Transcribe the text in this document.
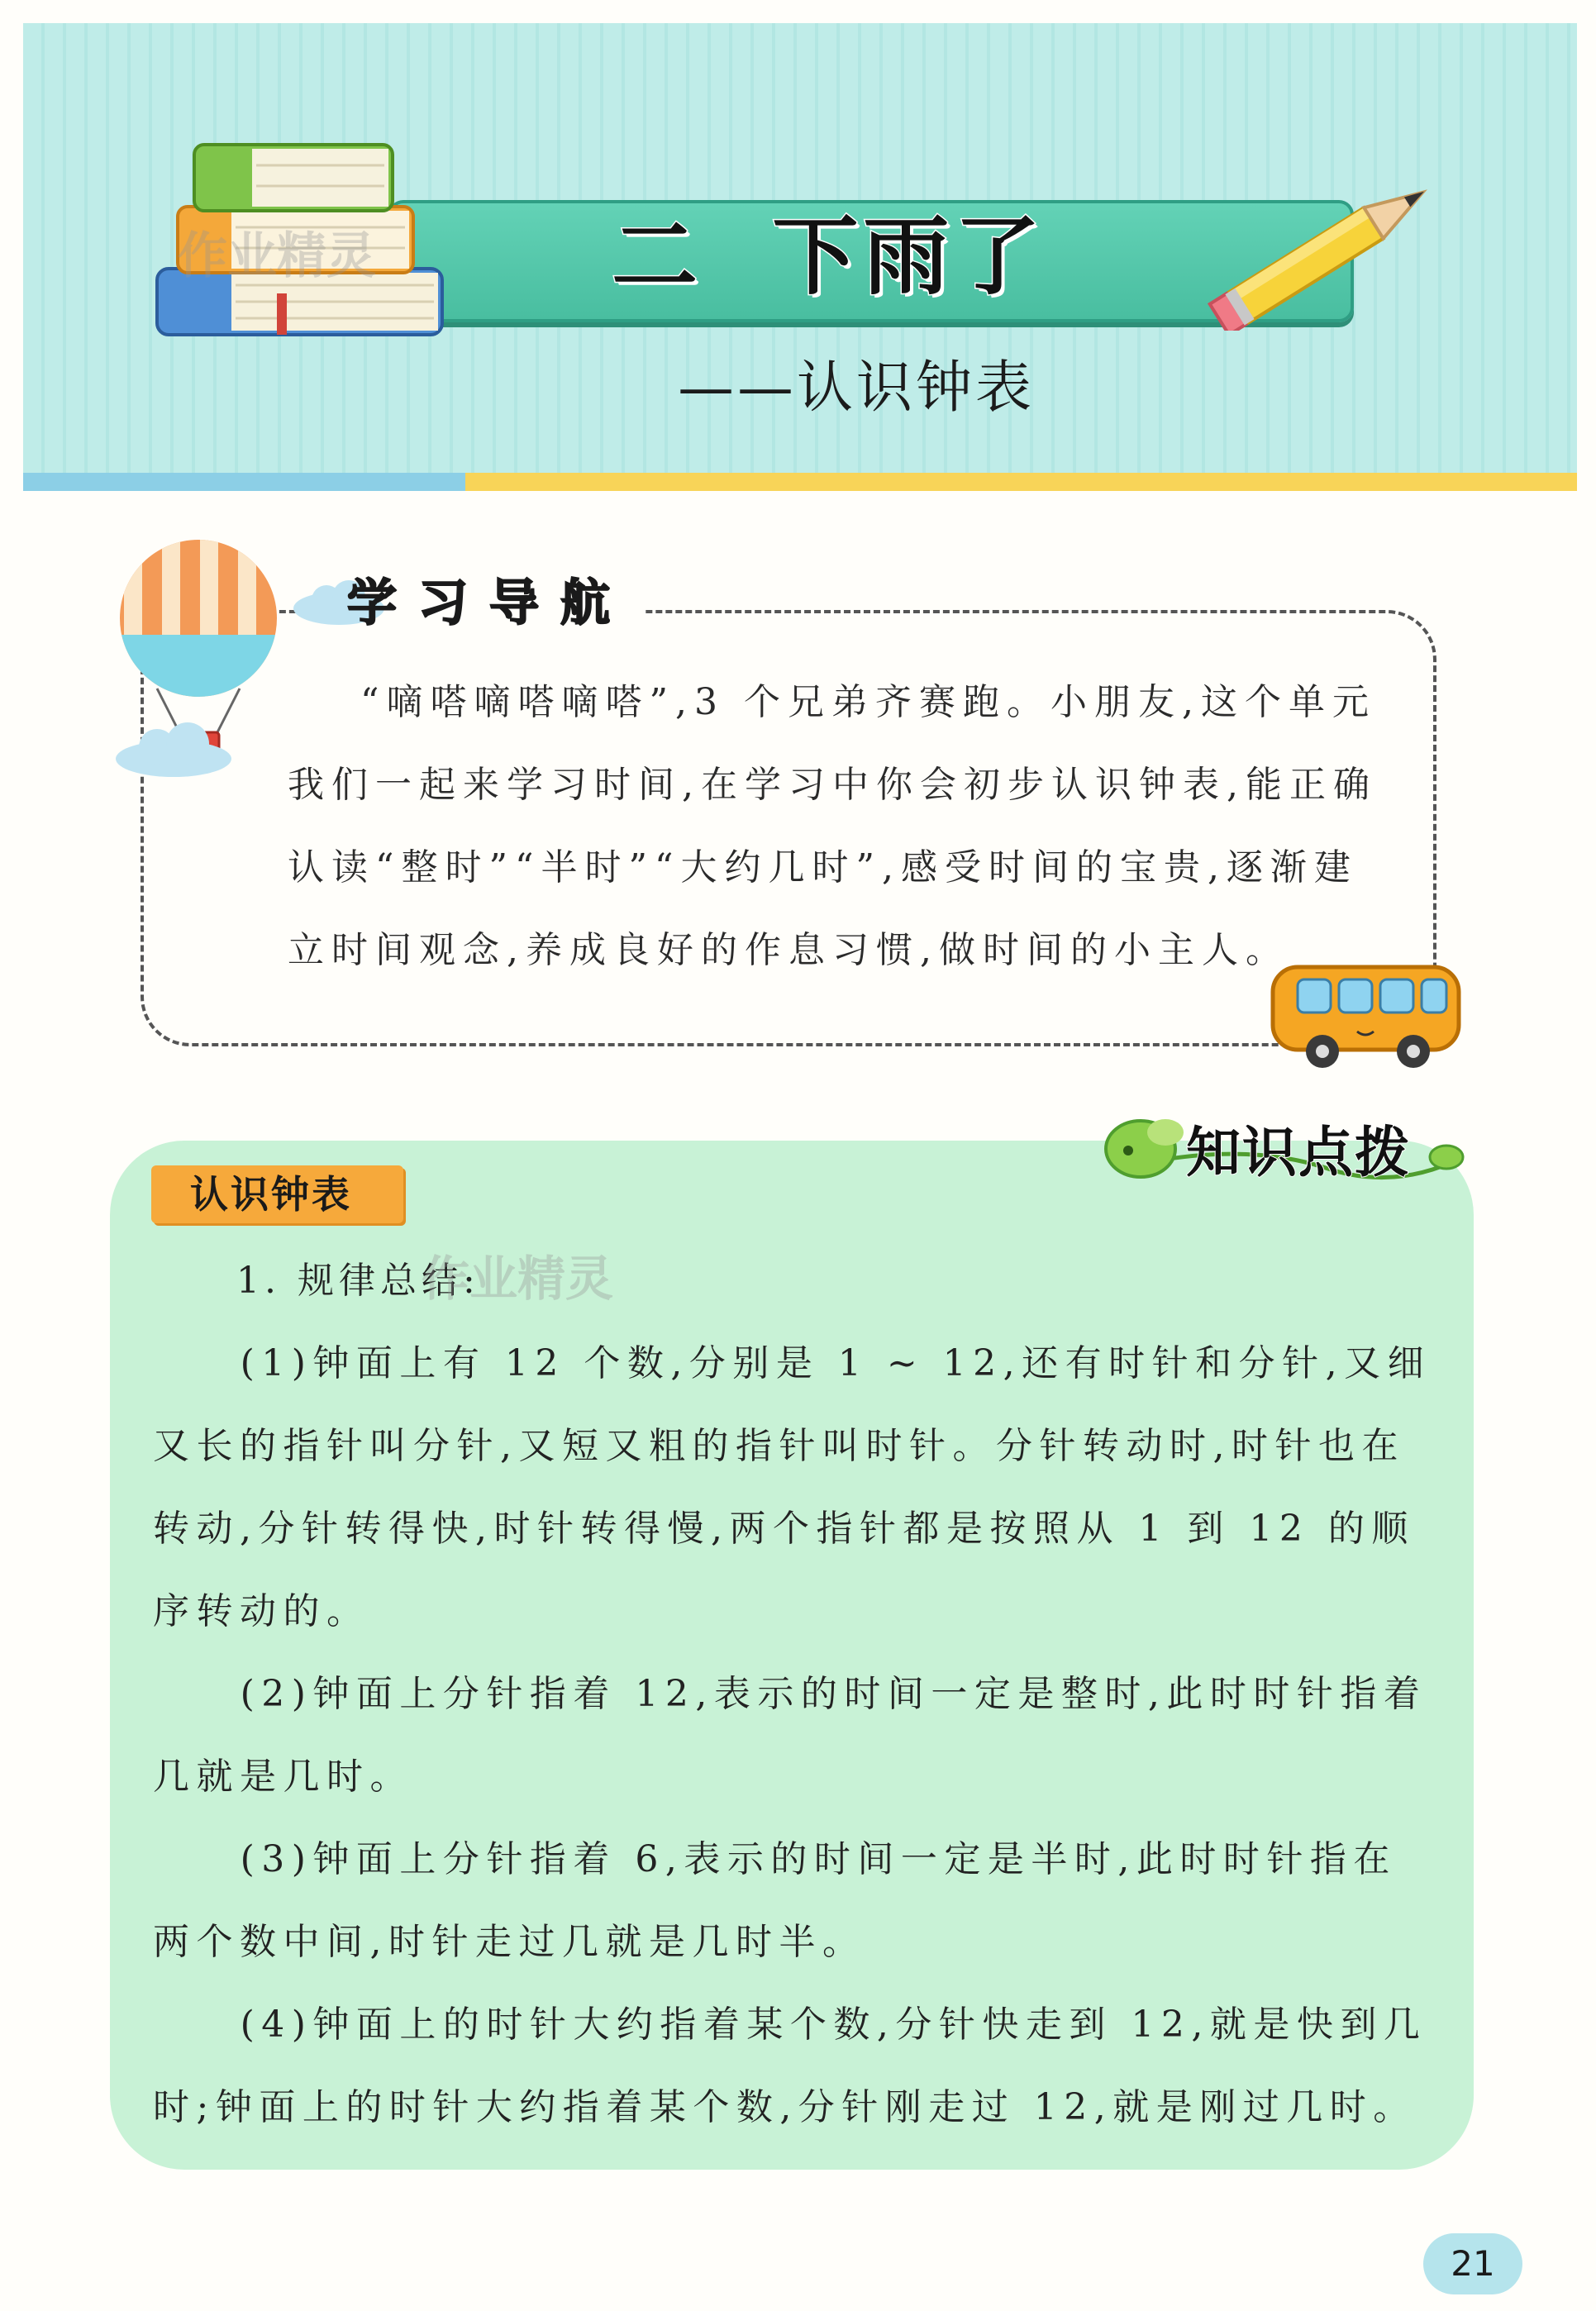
作业精灵	二  下雨了
——认识钟表
学习导航

“嘀嗒嘀嗒嘀嗒”,3 个兄弟齐赛跑。小朋友,这个单元我们一起来学习时间,在学习中你会初步认识钟表,能正确认读“整时”“半时”“大约几时”,感受时间的宝贵,逐渐建立时间观念,养成良好的作息习惯,做时间的小主人。

知识点拨
认识钟表
1. 规律总结:
作业精灵

(1)钟面上有 12 个数,分别是 1 ~ 12,还有时针和分针,又细又长的指针叫分针,又短又粗的指针叫时针。分针转动时,时针也在转动,分针转得快,时针转得慢,两个指针都是按照从 1 到 12 的顺序转动的。

(2)钟面上分针指着 12,表示的时间一定是整时,此时时针指着几就是几时。

(3)钟面上分针指着 6,表示的时间一定是半时,此时时针指在两个数中间,时针走过几就是几时半。

(4)钟面上的时针大约指着某个数,分针快走到 12,就是快到几时;钟面上的时针大约指着某个数,分针刚走过 12,就是刚过几时。

21
